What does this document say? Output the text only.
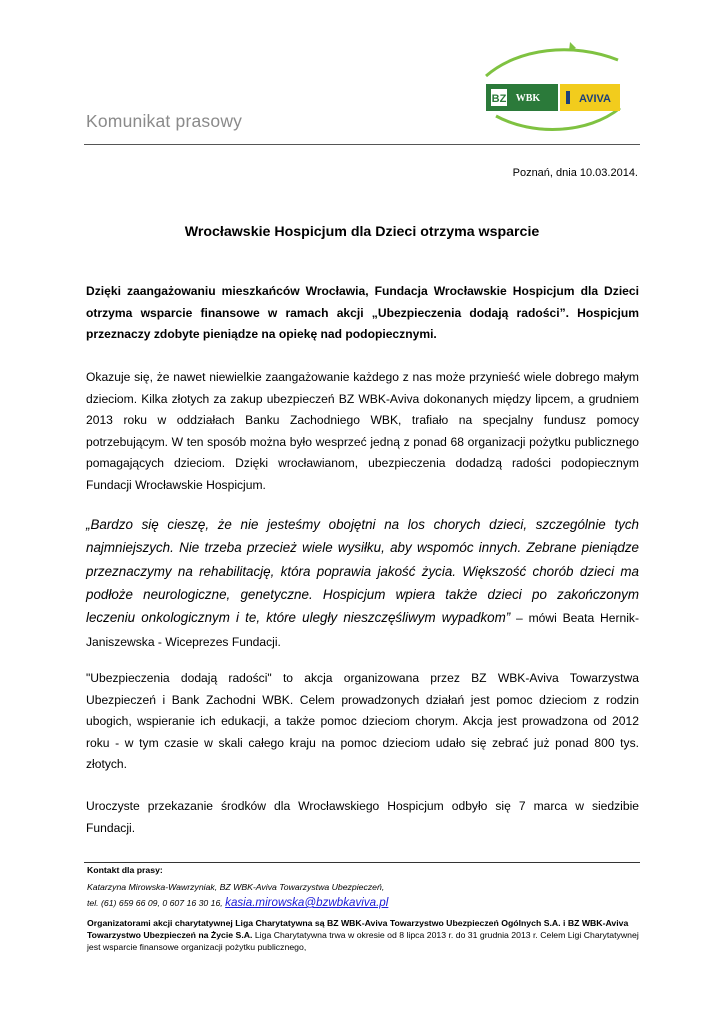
Komunikat prasowy
BZ WBK	AVIVA
Poznań, dnia 10.03.2014.
Wrocławskie Hospicjum dla Dzieci otrzyma wsparcie

Dzięki zaangażowaniu mieszkańców Wrocławia, Fundacja Wrocławskie Hospicjum dla Dzieci otrzyma wsparcie finansowe w ramach akcji „Ubezpieczenia dodają radości”. Hospicjum przeznaczy zdobyte pieniądze na opiekę nad podopiecznymi.

Okazuje się, że nawet niewielkie zaangażowanie każdego z nas może przynieść wiele dobrego małym dzieciom. Kilka złotych za zakup ubezpieczeń BZ WBK-Aviva dokonanych między lipcem, a grudniem 2013 roku w oddziałach Banku Zachodniego WBK, trafiało na specjalny fundusz pomocy potrzebującym. W ten sposób można było wesprzeć jedną z ponad 68 organizacji pożytku publicznego pomagających dzieciom. Dzięki wrocławianom, ubezpieczenia dodadzą radości podopiecznym Fundacji Wrocławskie Hospicjum.

„Bardzo się cieszę, że nie jesteśmy obojętni na los chorych dzieci, szczególnie tych najmniejszych. Nie trzeba przecież wiele wysiłku, aby wspomóc innych. Zebrane pieniądze przeznaczymy na rehabilitację, która poprawia jakość życia. Większość chorób dzieci ma podłoże neurologiczne, genetyczne. Hospicjum wpiera także dzieci po zakończonym leczeniu onkologicznym i te, które uległy nieszczęśliwym wypadkom” – mówi Beata Hernik-Janiszewska - Wiceprezes Fundacji.

"Ubezpieczenia dodają radości" to akcja organizowana przez BZ WBK-Aviva Towarzystwa Ubezpieczeń i Bank Zachodni WBK. Celem prowadzonych działań jest pomoc dzieciom z rodzin ubogich, wspieranie ich edukacji, a także pomoc dzieciom chorym. Akcja jest prowadzona od 2012 roku - w tym czasie w skali całego kraju na pomoc dzieciom udało się zebrać już ponad 800 tys. złotych.

Uroczyste przekazanie środków dla Wrocławskiego Hospicjum odbyło się 7 marca w siedzibie Fundacji.

Kontakt dla prasy:

Katarzyna Mirowska-Wawrzyniak, BZ WBK-Aviva Towarzystwa Ubezpieczeń,

tel. (61) 659 66 09, 0 607 16 30 16, kasia.mirowska@bzwbkaviva.pl

Organizatorami akcji charytatywnej Liga Charytatywna są BZ WBK-Aviva Towarzystwo Ubezpieczeń Ogólnych S.A. i BZ WBK-Aviva Towarzystwo Ubezpieczeń na Życie S.A. Liga Charytatywna trwa w okresie od 8 lipca 2013 r. do 31 grudnia 2013 r. Celem Ligi Charytatywnej jest wsparcie finansowe organizacji pożytku publicznego,
